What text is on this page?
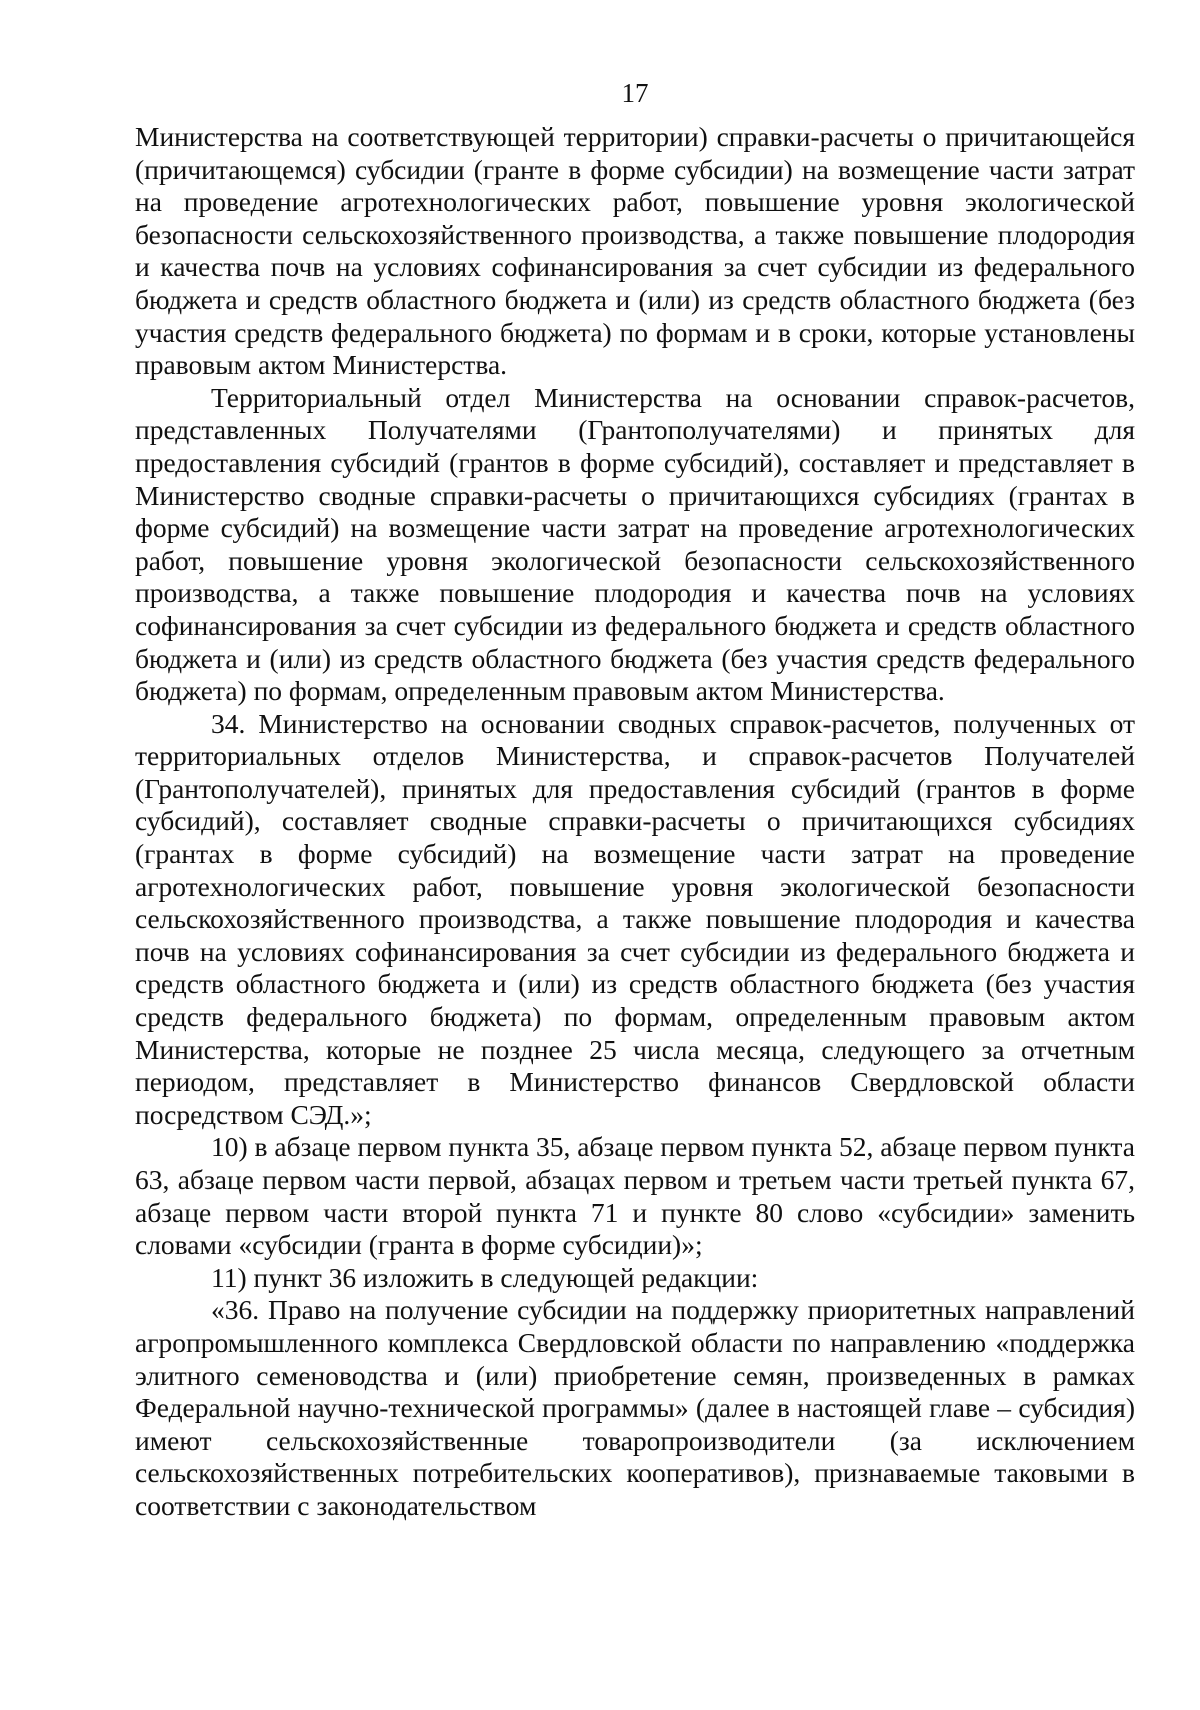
17

Министерства на соответствующей территории) справки-расчеты о причитающейся (причитающемся) субсидии (гранте в форме субсидии) на возмещение части затрат на проведение агротехнологических работ, повышение уровня экологической безопасности сельскохозяйственного производства, а также повышение плодородия и качества почв на условиях софинансирования за счет субсидии из федерального бюджета и средств областного бюджета и (или) из средств областного бюджета (без участия средств федерального бюджета) по формам и в сроки, которые установлены правовым актом Министерства.

Территориальный отдел Министерства на основании справок-расчетов, представленных Получателями (Грантополучателями) и принятых для предоставления субсидий (грантов в форме субсидий), составляет и представляет в Министерство сводные справки-расчеты о причитающихся субсидиях (грантах в форме субсидий) на возмещение части затрат на проведение агротехнологических работ, повышение уровня экологической безопасности сельскохозяйственного производства, а также повышение плодородия и качества почв на условиях софинансирования за счет субсидии из федерального бюджета и средств областного бюджета и (или) из средств областного бюджета (без участия средств федерального бюджета) по формам, определенным правовым актом Министерства.

34. Министерство на основании сводных справок-расчетов, полученных от территориальных отделов Министерства, и справок-расчетов Получателей (Грантополучателей), принятых для предоставления субсидий (грантов в форме субсидий), составляет сводные справки-расчеты о причитающихся субсидиях (грантах в форме субсидий) на возмещение части затрат на проведение агротехнологических работ, повышение уровня экологической безопасности сельскохозяйственного производства, а также повышение плодородия и качества почв на условиях софинансирования за счет субсидии из федерального бюджета и средств областного бюджета и (или) из средств областного бюджета (без участия средств федерального бюджета) по формам, определенным правовым актом Министерства, которые не позднее 25 числа месяца, следующего за отчетным периодом, представляет в Министерство финансов Свердловской области посредством СЭД.»;

10) в абзаце первом пункта 35, абзаце первом пункта 52, абзаце первом пункта 63, абзаце первом части первой, абзацах первом и третьем части третьей пункта 67, абзаце первом части второй пункта 71 и пункте 80 слово «субсидии» заменить словами «субсидии (гранта в форме субсидии)»;

11) пункт 36 изложить в следующей редакции:

«36. Право на получение субсидии на поддержку приоритетных направлений агропромышленного комплекса Свердловской области по направлению «поддержка элитного семеноводства и (или) приобретение семян, произведенных в рамках Федеральной научно-технической программы» (далее в настоящей главе – субсидия) имеют сельскохозяйственные товаропроизводители (за исключением сельскохозяйственных потребительских кооперативов), признаваемые таковыми в соответствии с законодательством
